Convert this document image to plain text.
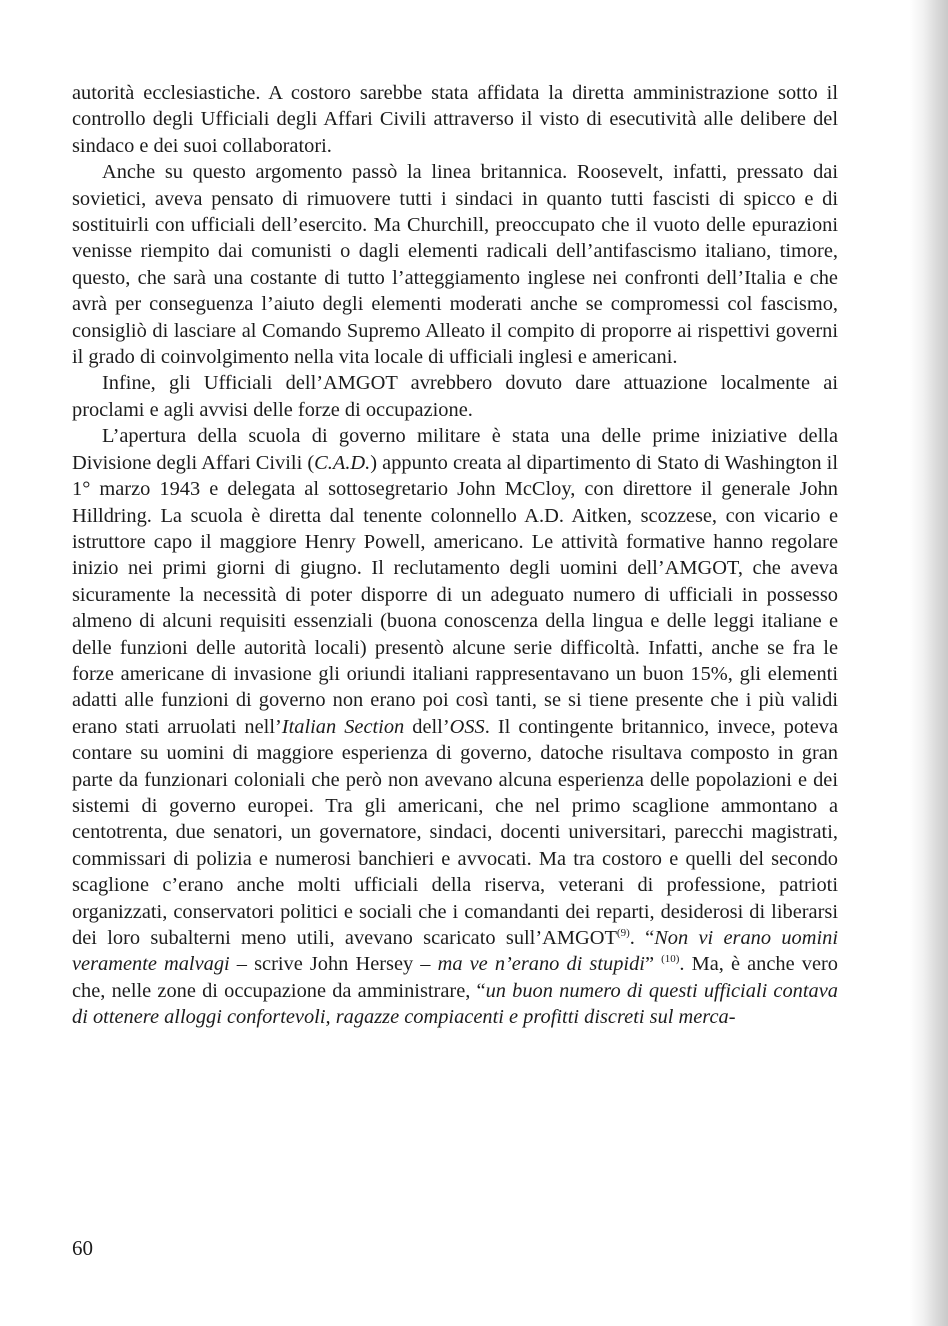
autorità ecclesiastiche. A costoro sarebbe stata affidata la diretta amministrazione sotto il controllo degli Ufficiali degli Affari Civili attraverso il visto di esecutività alle delibere del sindaco e dei suoi collaboratori.

Anche su questo argomento passò la linea britannica. Roosevelt, infatti, pressato dai sovietici, aveva pensato di rimuovere tutti i sindaci in quanto tutti fascisti di spicco e di sostituirli con ufficiali dell’esercito. Ma Churchill, preoccupato che il vuoto delle epurazioni venisse riempito dai comunisti o dagli elementi radicali dell’antifascismo italiano, timore, questo, che sarà una costante di tutto l’atteggiamento inglese nei confronti dell’Italia e che avrà per conseguenza l’aiuto degli elementi moderati anche se compromessi col fascismo, consigliò di lasciare al Comando Supremo Alleato il compito di proporre ai rispettivi governi il grado di coinvolgimento nella vita locale di ufficiali inglesi e americani.

Infine, gli Ufficiali dell’AMGOT avrebbero dovuto dare attuazione localmente ai proclami e agli avvisi delle forze di occupazione.

L’apertura della scuola di governo militare è stata una delle prime iniziative della Divisione degli Affari Civili (C.A.D.) appunto creata al dipartimento di Stato di Washington il 1° marzo 1943 e delegata al sottosegretario John McCloy, con direttore il generale John Hilldring. La scuola è diretta dal tenente colonnello A.D. Aitken, scozzese, con vicario e istruttore capo il maggiore Henry Powell, americano. Le attività formative hanno regolare inizio nei primi giorni di giugno. Il reclutamento degli uomini dell’AMGOT, che aveva sicuramente la necessità di poter disporre di un adeguato numero di ufficiali in possesso almeno di alcuni requisiti essenziali (buona conoscenza della lingua e delle leggi italiane e delle funzioni delle autorità locali) presentò alcune serie difficoltà. Infatti, anche se fra le forze americane di invasione gli oriundi italiani rappresentavano un buon 15%, gli elementi adatti alle funzioni di governo non erano poi così tanti, se si tiene presente che i più validi erano stati arruolati nell’Italian Section dell’OSS. Il contingente britannico, invece, poteva contare su uomini di maggiore esperienza di governo, datoche risultava composto in gran parte da funzionari coloniali che però non avevano alcuna esperienza delle popolazioni e dei sistemi di governo europei. Tra gli americani, che nel primo scaglione ammontano a centotrenta, due senatori, un governatore, sindaci, docenti universitari, parecchi magistrati, commissari di polizia e numerosi banchieri e avvocati. Ma tra costoro e quelli del secondo scaglione c’erano anche molti ufficiali della riserva, veterani di professione, patrioti organizzati, conservatori politici e sociali che i comandanti dei reparti, desiderosi di liberarsi dei loro subalterni meno utili, avevano scaricato sull’AMGOT$^{(9)}$. “Non vi erano uomini veramente malvagi – scrive John Hersey – ma ve n’erano di stupidi” $^{(10)}$. Ma, è anche vero che, nelle zone di occupazione da amministrare, “un buon numero di questi ufficiali contava di ottenere alloggi confortevoli, ragazze compiacenti e profitti discreti sul merca-

60
